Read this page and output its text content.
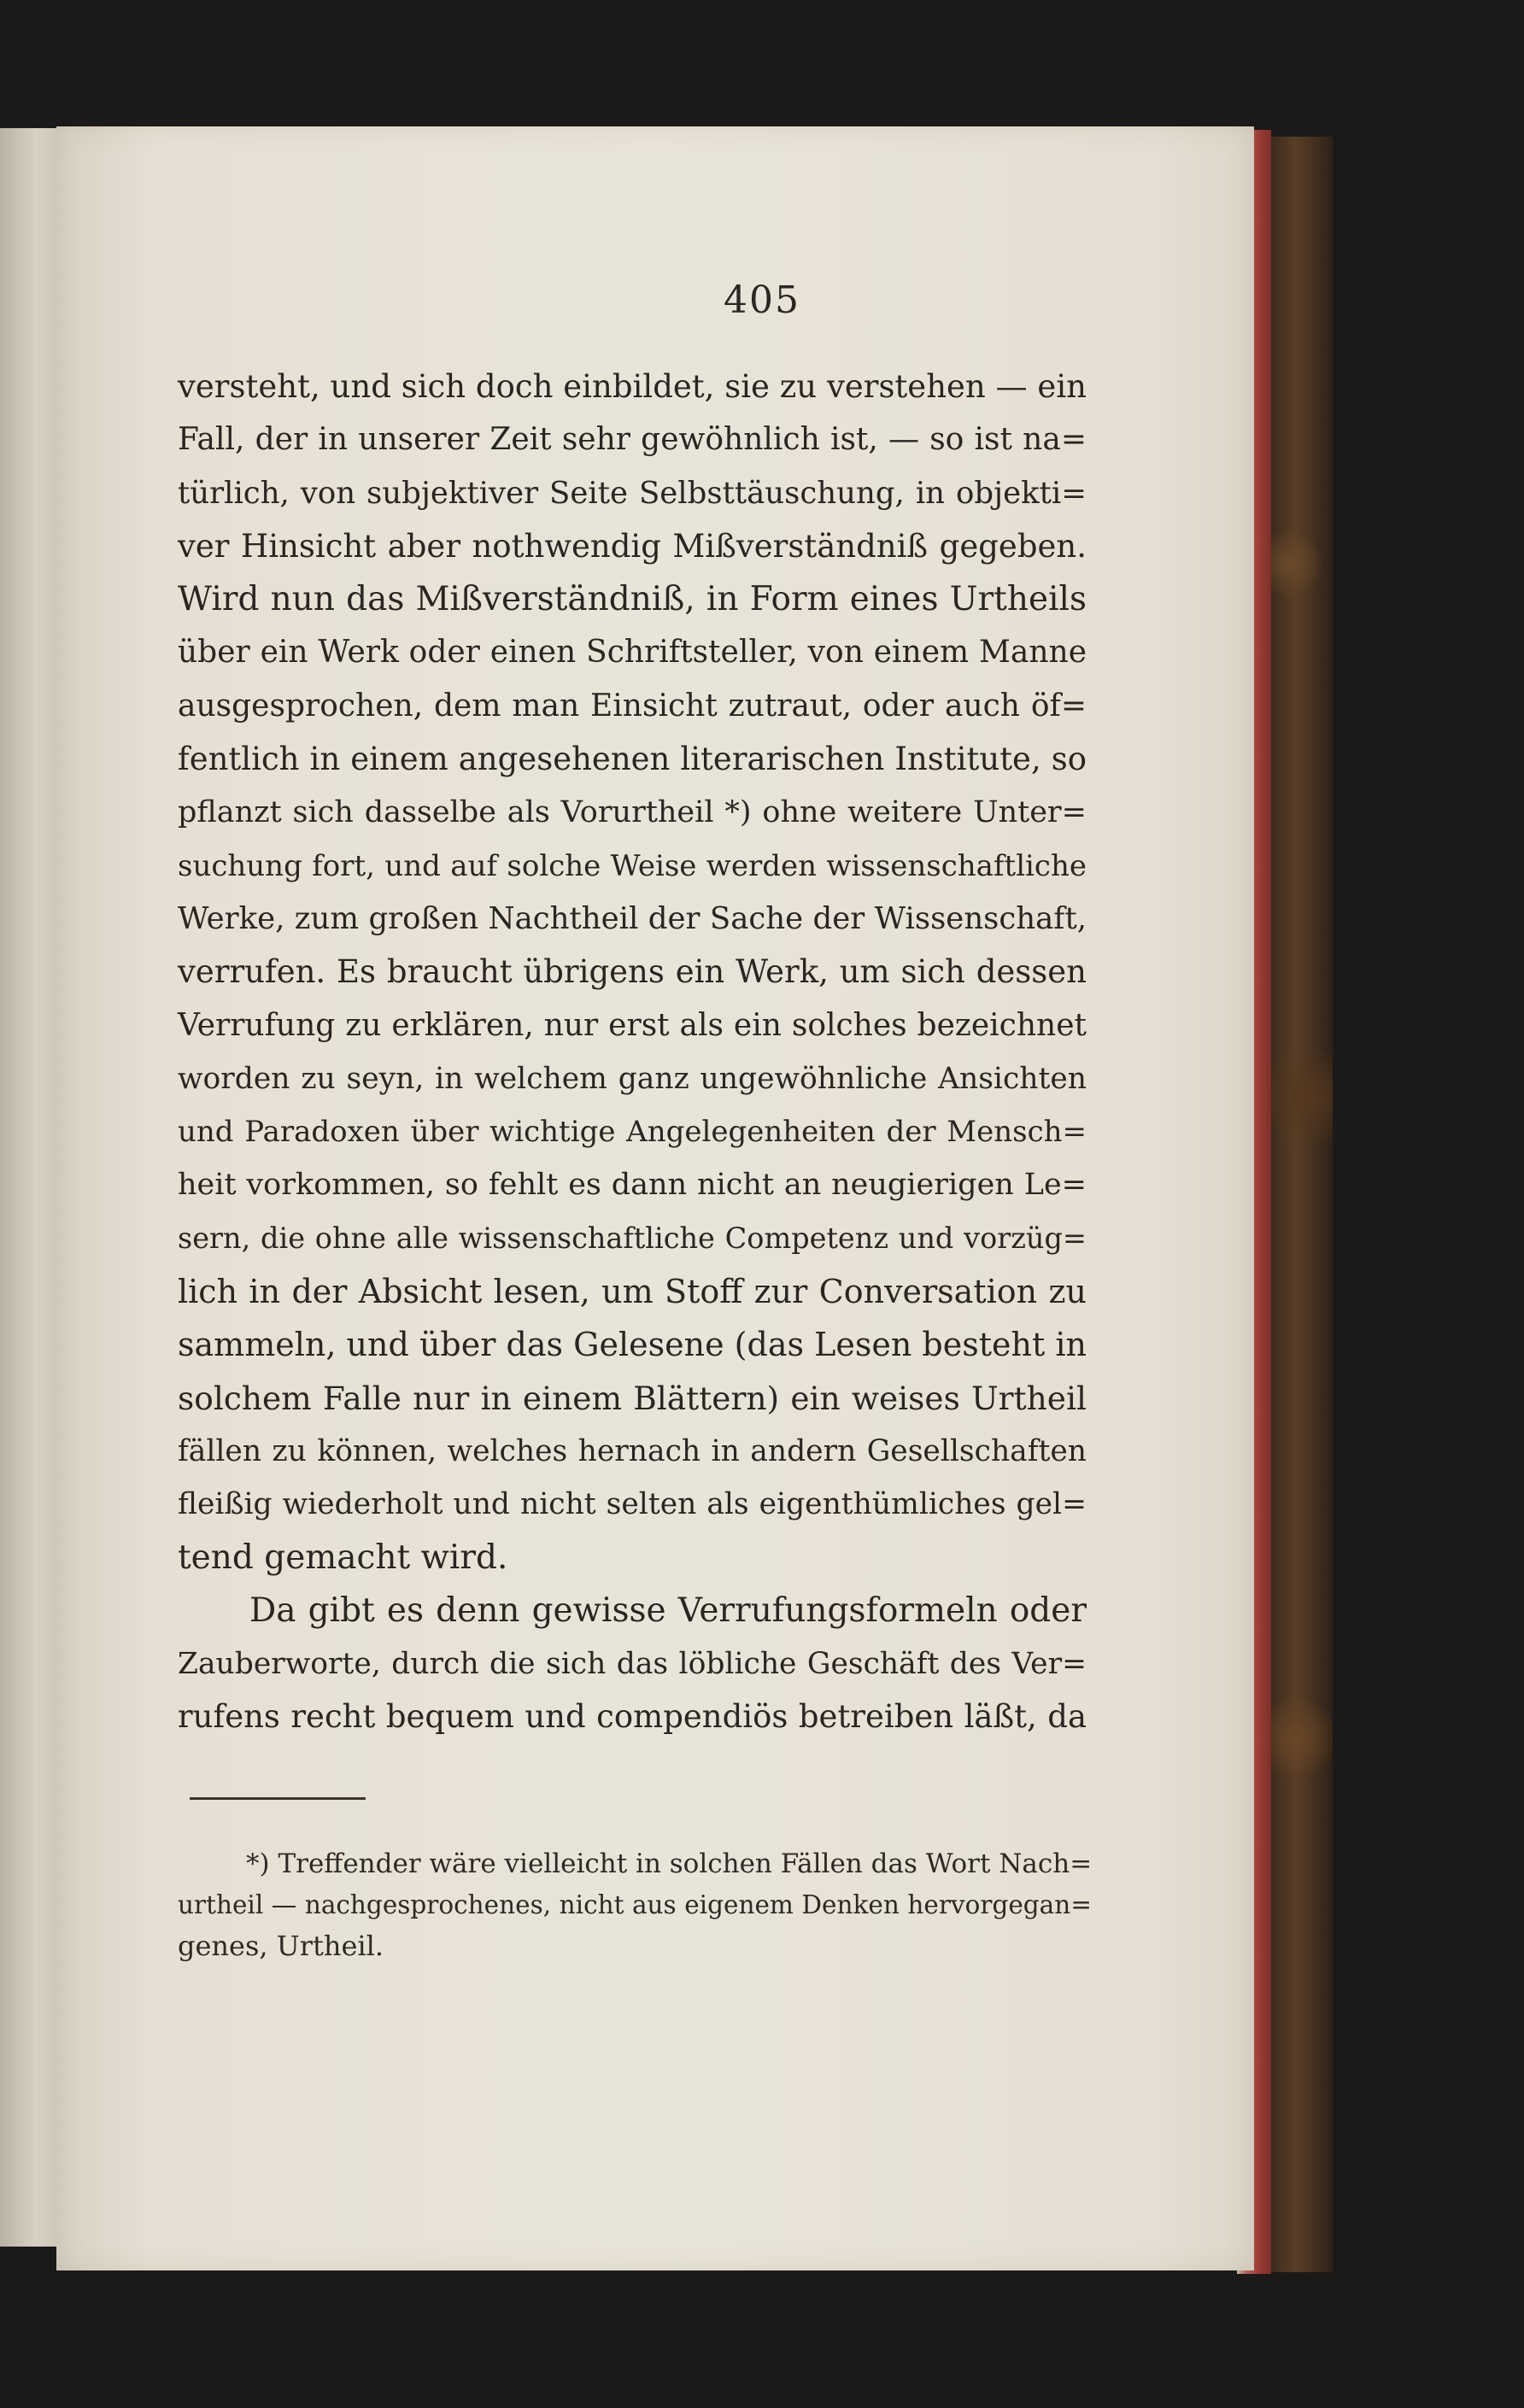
405
versteht, und sich doch einbildet, sie zu verstehen — ein
Fall, der in unserer Zeit sehr gewöhnlich ist, — so ist na=
türlich, von subjektiver Seite Selbsttäuschung, in objekti=
ver Hinsicht aber nothwendig Mißverständniß gegeben.
Wird nun das Mißverständniß, in Form eines Urtheils
über ein Werk oder einen Schriftsteller, von einem Manne
ausgesprochen, dem man Einsicht zutraut, oder auch öf=
fentlich in einem angesehenen literarischen Institute, so
pflanzt sich dasselbe als Vorurtheil *) ohne weitere Unter=
suchung fort, und auf solche Weise werden wissenschaftliche
Werke, zum großen Nachtheil der Sache der Wissenschaft,
verrufen. Es braucht übrigens ein Werk, um sich dessen
Verrufung zu erklären, nur erst als ein solches bezeichnet
worden zu seyn, in welchem ganz ungewöhnliche Ansichten
und Paradoxen über wichtige Angelegenheiten der Mensch=
heit vorkommen, so fehlt es dann nicht an neugierigen Le=
sern, die ohne alle wissenschaftliche Competenz und vorzüg=
lich in der Absicht lesen, um Stoff zur Conversation zu
sammeln, und über das Gelesene (das Lesen besteht in
solchem Falle nur in einem Blättern) ein weises Urtheil
fällen zu können, welches hernach in andern Gesellschaften
fleißig wiederholt und nicht selten als eigenthümliches gel=
tend gemacht wird.
Da gibt es denn gewisse Verrufungsformeln oder
Zauberworte, durch die sich das löbliche Geschäft des Ver=
rufens recht bequem und compendiös betreiben läßt, da
*) Treffender wäre vielleicht in solchen Fällen das Wort Nach=
urtheil — nachgesprochenes, nicht aus eigenem Denken hervorgegan=
genes, Urtheil.
